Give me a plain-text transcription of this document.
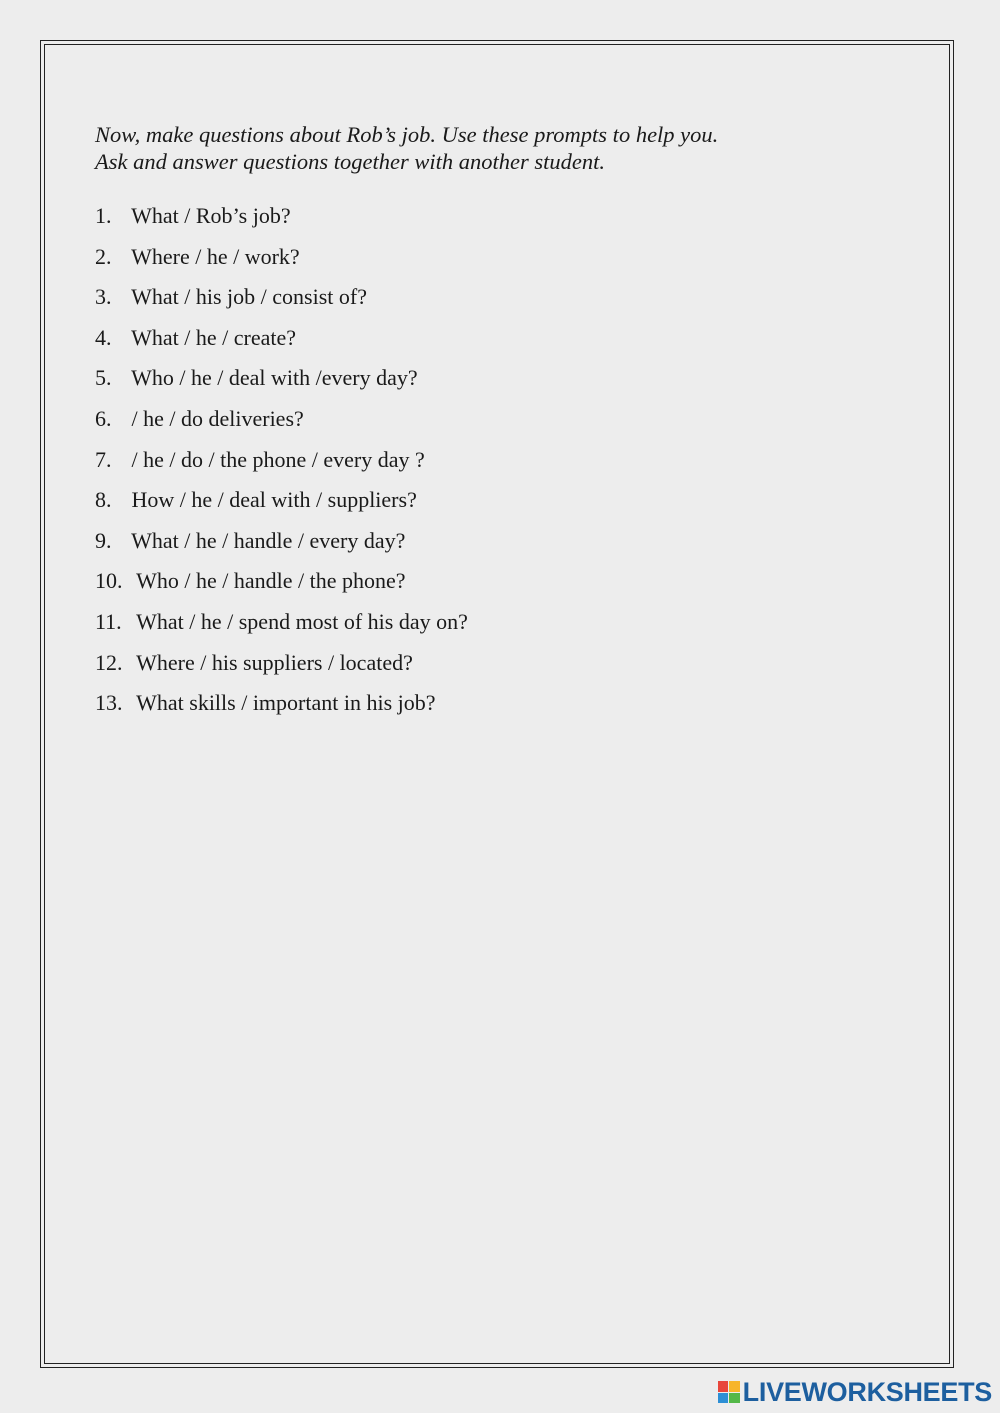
Now, make questions about Rob’s job. Use these prompts to help you.
Ask and answer questions together with another student.

1. What / Rob’s job?
2. Where / he / work?
3. What / his job / consist of?
4. What / he / create?
5. Who / he / deal with /every day?
6. / he / do deliveries?
7. / he / do / the phone / every day ?
8. How / he / deal with / suppliers?
9. What / he / handle / every day?
10. Who / he / handle / the phone?
11. What / he / spend most of his day on?
12. Where / his suppliers / located?
13. What skills / important in his job?
LIVEWORKSHEETS
